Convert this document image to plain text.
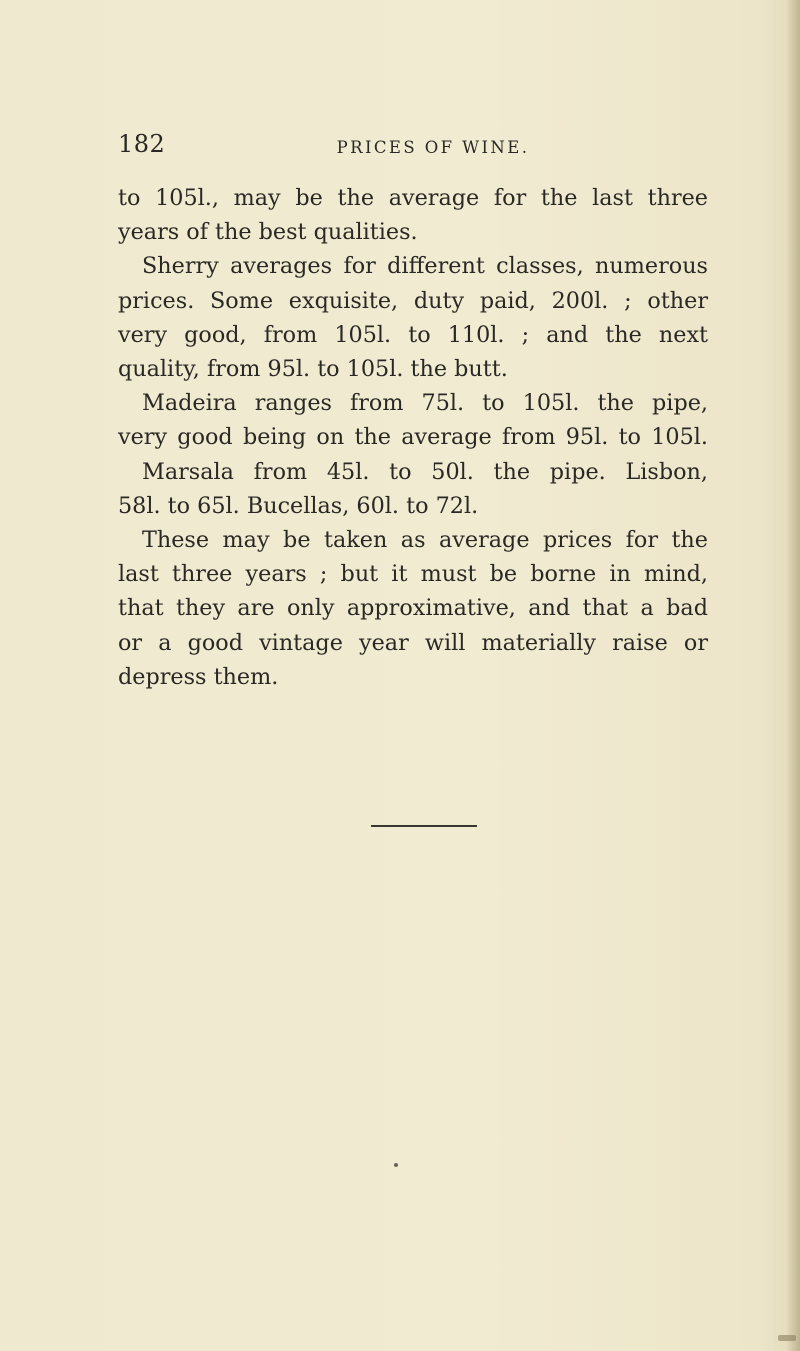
182	PRICES OF WINE.
to 105l., may be the average for the last three
years of the best qualities.
Sherry averages for different classes, numerous
prices. Some exquisite, duty paid, 200l. ; other
very good, from 105l. to 110l. ; and the next
quality, from 95l. to 105l. the butt.
Madeira ranges from 75l. to 105l. the pipe,
very good being on the average from 95l. to 105l.
Marsala from 45l. to 50l. the pipe. Lisbon,
58l. to 65l. Bucellas, 60l. to 72l.
These may be taken as average prices for the
last three years ; but it must be borne in mind,
that they are only approximative, and that a bad
or a good vintage year will materially raise or
depress them.
